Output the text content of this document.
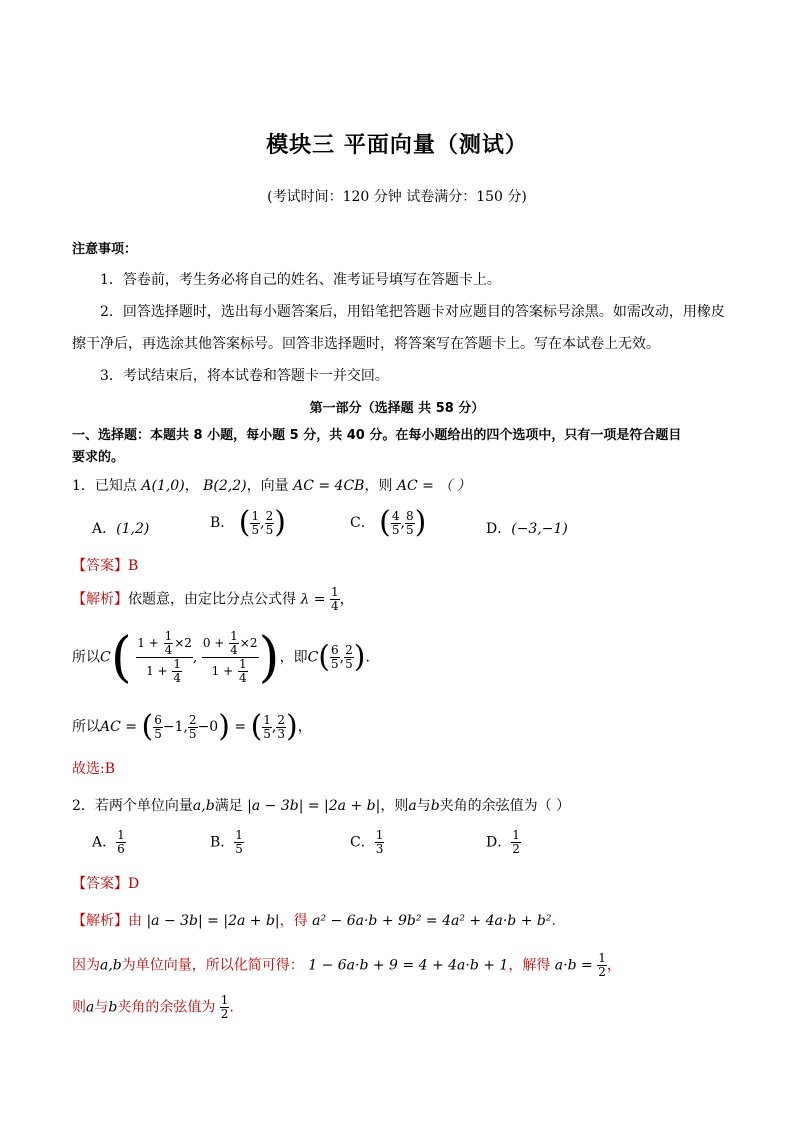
模块三 平面向量（测试）
(考试时间：120 分钟 试卷满分：150 分)
注意事项：
1．答卷前，考生务必将自己的姓名、准考证号填写在答题卡上。
2．回答选择题时，选出每小题答案后，用铅笔把答题卡对应题目的答案标号涂黑。如需改动，用橡皮
擦干净后，再选涂其他答案标号。回答非选择题时，将答案写在答题卡上。写在本试卷上无效。
3．考试结束后，将本试卷和答题卡一并交回。
第一部分（选择题 共 58 分）
一、选择题：本题共 8 小题，每小题 5 分，共 40 分。在每小题给出的四个选项中，只有一项是符合题目
要求的。
1．已知点 A(1,0)， B(2,2)，向量 AC = 4CB，则 AC = （ ）
A．(1,2)	B． ( $\frac{1}{5}$ , $\frac{2}{5}$ )	C． ( $\frac{4}{5}$ , $\frac{8}{5}$ )	D．(−3,−1)
【答案】B
【解析】依题意，由定比分点公式得 $\lambda = \frac{1}{4}$ ，
所以$C( \frac{1 + \frac{1}{4} \times 2}{1 + \frac{1}{4}}$ , $\frac{0 + \frac{1}{4} \times 2}{1 + \frac{1}{4}}$ )，即$C( \frac{6}{5}$ , $\frac{2}{5}$ ).
所以AC = ( $\frac{6}{5} -1$, $\frac{2}{5} -0$) = ( $\frac{1}{5}$ , $\frac{2}{3}$ )，
故选:B
2．若两个单位向量a,b满足 |a − 3b| = |2a + b|，则a与b夹角的余弦值为（ ）
A． $\frac{1}{6}$	B． $\frac{1}{5}$	C． $\frac{1}{3}$	D． $\frac{1}{2}$
【答案】D
【解析】由 |a − 3b| = |2a + b|，得 a² − 6a·b + 9b² = 4a² + 4a·b + b².
因为a,b为单位向量，所以化简可得： 1 − 6a·b + 9 = 4 + 4a·b + 1，解得 $a\cdot b = \frac{1}{2}$ ，
则a与b夹角的余弦值为 $\frac{1}{2}$ .
